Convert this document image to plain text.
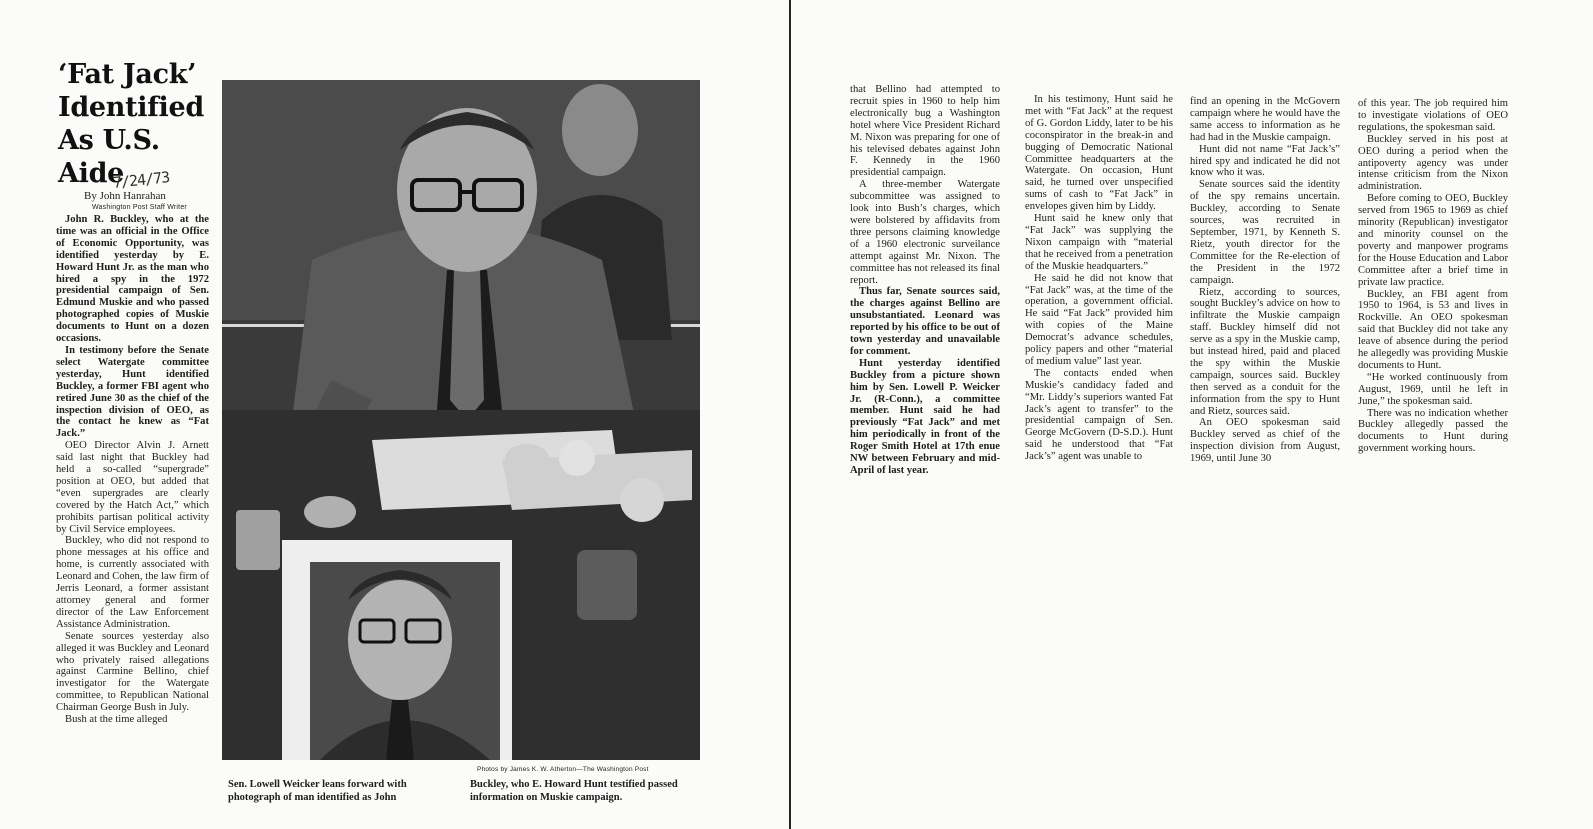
‘Fat Jack’
Identified
As U.S. Aide
7/24/73
By John Hanrahan
Washington Post Staff Writer

John R. Buckley, who at the time was an official in the Office of Economic Opportunity, was identified yesterday by E. Howard Hunt Jr. as the man who hired a spy in the 1972 presidential campaign of Sen. Edmund Muskie and who passed photographed copies of Muskie documents to Hunt on a dozen occasions.

In testimony before the Senate select Watergate committee yesterday, Hunt identified Buckley, a former FBI agent who retired June 30 as the chief of the inspection division of OEO, as the contact he knew as “Fat Jack.”

OEO Director Alvin J. Arnett said last night that Buckley had held a so-called “supergrade” position at OEO, but added that “even supergrades are clearly covered by the Hatch Act,” which prohibits partisan political activity by Civil Service employees.

Buckley, who did not respond to phone messages at his office and home, is currently associated with Leonard and Cohen, the law firm of Jerris Leonard, a former assistant attorney general and former director of the Law Enforcement Assistance Administration.

Senate sources yesterday also alleged it was Buckley and Leonard who privately raised allegations against Carmine Bellino, chief investigator for the Watergate committee, to Republican National Chairman George Bush in July.

Bush at the time alleged

Photos by James K. W. Atherton—The Washington Post
Sen. Lowell Weicker leans forward with photograph of man identified as John
Buckley, who E. Howard Hunt testified passed information on Muskie campaign.

that Bellino had attempted to recruit spies in 1960 to help him electronically bug a Washington hotel where Vice President Richard M. Nixon was preparing for one of his televised debates against John F. Kennedy in the 1960 presidential campaign.

A three-member Watergate subcommittee was assigned to look into Bush’s charges, which were bolstered by affidavits from three persons claiming knowledge of a 1960 electronic surveilance attempt against Mr. Nixon. The committee has not released its final report.

Thus far, Senate sources said, the charges against Bellino are unsubstantiated. Leonard was reported by his office to be out of town yesterday and unavailable for comment.

Hunt yesterday identified Buckley from a picture shown him by Sen. Lowell P. Weicker Jr. (R-Conn.), a committee member. Hunt said he had previously “Fat Jack” and met him periodically in front of the Roger Smith Hotel at 17th enue NW between February and mid-April of last year.

In his testimony, Hunt said he met with “Fat Jack” at the request of G. Gordon Liddy, later to be his coconspirator in the break-in and bugging of Democratic National Committee headquarters at the Watergate. On occasion, Hunt said, he turned over unspecified sums of cash to “Fat Jack” in envelopes given him by Liddy.

Hunt said he knew only that “Fat Jack” was supplying the Nixon campaign with “material that he received from a penetration of the Muskie headquarters.”

He said he did not know that “Fat Jack” was, at the time of the operation, a government official. He said “Fat Jack” provided him with copies of the Maine Democrat’s advance schedules, policy papers and other “material of medium value” last year.

The contacts ended when Muskie’s candidacy faded and “Mr. Liddy’s superiors wanted Fat Jack’s agent to transfer” to the presidential campaign of Sen. George McGovern (D-S.D.). Hunt said he understood that “Fat Jack’s” agent was unable to

find an opening in the McGovern campaign where he would have the same access to information as he had had in the Muskie campaign.

Hunt did not name “Fat Jack’s” hired spy and indicated he did not know who it was.

Senate sources said the identity of the spy remains uncertain. Buckley, according to Senate sources, was recruited in September, 1971, by Kenneth S. Rietz, youth director for the Committee for the Re-election of the President in the 1972 campaign.

Rietz, according to sources, sought Buckley’s advice on how to infiltrate the Muskie campaign staff. Buckley himself did not serve as a spy in the Muskie camp, but instead hired, paid and placed the spy within the Muskie campaign, sources said. Buckley then served as a conduit for the information from the spy to Hunt and Rietz, sources said.

An OEO spokesman said Buckley served as chief of the inspection division from August, 1969, until June 30

of this year. The job required him to investigate violations of OEO regulations, the spokesman said.

Buckley served in his post at OEO during a period when the antipoverty agency was under intense criticism from the Nixon administration.

Before coming to OEO, Buckley served from 1965 to 1969 as chief minority (Republican) investigator and minority counsel on the poverty and manpower programs for the House Education and Labor Committee after a brief time in private law practice.

Buckley, an FBI agent from 1950 to 1964, is 53 and lives in Rockville. An OEO spokesman said that Buckley did not take any leave of absence during the period he allegedly was providing Muskie documents to Hunt.

“He worked continuously from August, 1969, until he left in June,” the spokesman said.

There was no indication whether Buckley allegedly passed the documents to Hunt during government working hours.
